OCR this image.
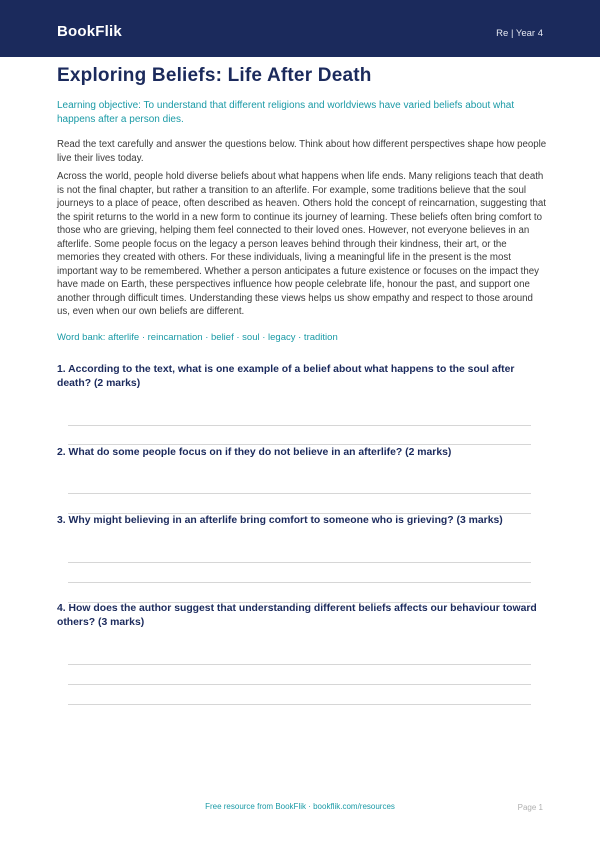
BookFlik	Re | Year 4
Exploring Beliefs: Life After Death

Learning objective: To understand that different religions and worldviews have varied beliefs about what happens after a person dies.

Read the text carefully and answer the questions below. Think about how different perspectives shape how people live their lives today.

Across the world, people hold diverse beliefs about what happens when life ends. Many religions teach that death is not the final chapter, but rather a transition to an afterlife. For example, some traditions believe that the soul journeys to a place of peace, often described as heaven. Others hold the concept of reincarnation, suggesting that the spirit returns to the world in a new form to continue its journey of learning. These beliefs often bring comfort to those who are grieving, helping them feel connected to their loved ones. However, not everyone believes in an afterlife. Some people focus on the legacy a person leaves behind through their kindness, their art, or the memories they created with others. For these individuals, living a meaningful life in the present is the most important way to be remembered. Whether a person anticipates a future existence or focuses on the impact they have made on Earth, these perspectives influence how people celebrate life, honour the past, and support one another through difficult times. Understanding these views helps us show empathy and respect to those around us, even when our own beliefs are different.

Word bank: afterlife · reincarnation · belief · soul · legacy · tradition

1. According to the text, what is one example of a belief about what happens to the soul after death? (2 marks)

2. What do some people focus on if they do not believe in an afterlife? (2 marks)

3. Why might believing in an afterlife bring comfort to someone who is grieving? (3 marks)

4. How does the author suggest that understanding different beliefs affects our behaviour toward others? (3 marks)

Free resource from BookFlik · bookflik.com/resources	Page 1
